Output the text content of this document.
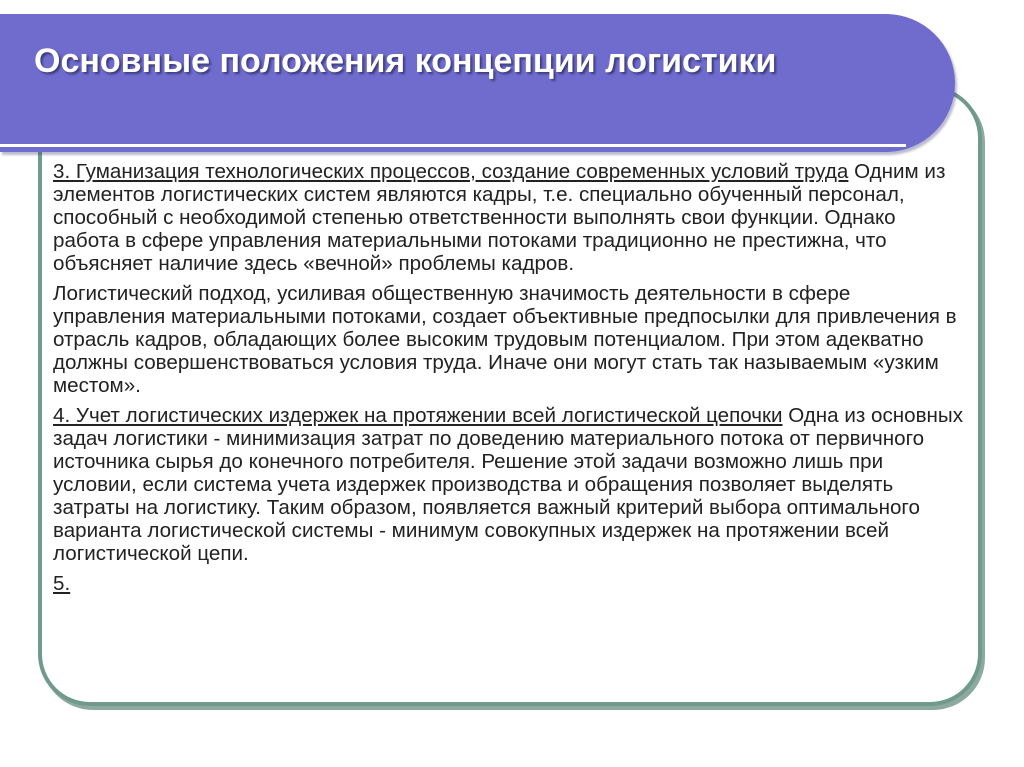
Основные положения концепции логистики

3. Гуманизация технологических процессов, создание современных условий труда Одним из элементов логистических систем являются кадры, т.е. специально обученный персонал, способный с необходимой степенью ответственности выполнять свои функции. Однако работа в сфере управления материальными потоками традиционно не престижна, что объясняет наличие здесь «вечной» проблемы кадров.

Логистический подход, усиливая общественную значимость деятельности в сфере управления материальными потоками, создает объективные предпосылки для привлечения в отрасль кадров, обладающих более высоким трудовым потенциалом. При этом адекватно должны совершенствоваться условия труда. Иначе они могут стать так называемым «узким местом».

4. Учет логистических издержек на протяжении всей логистической цепочки Одна из основных задач логистики - минимизация затрат по доведению материального потока от первичного источника сырья до конечного потребителя. Решение этой задачи возможно лишь при условии, если система учета издержек производства и обращения позволяет выделять затраты на логистику. Таким образом, появляется важный критерий выбора оптимального варианта логистической системы - минимум совокупных издержек на протяжении всей логистической цепи.

5.
